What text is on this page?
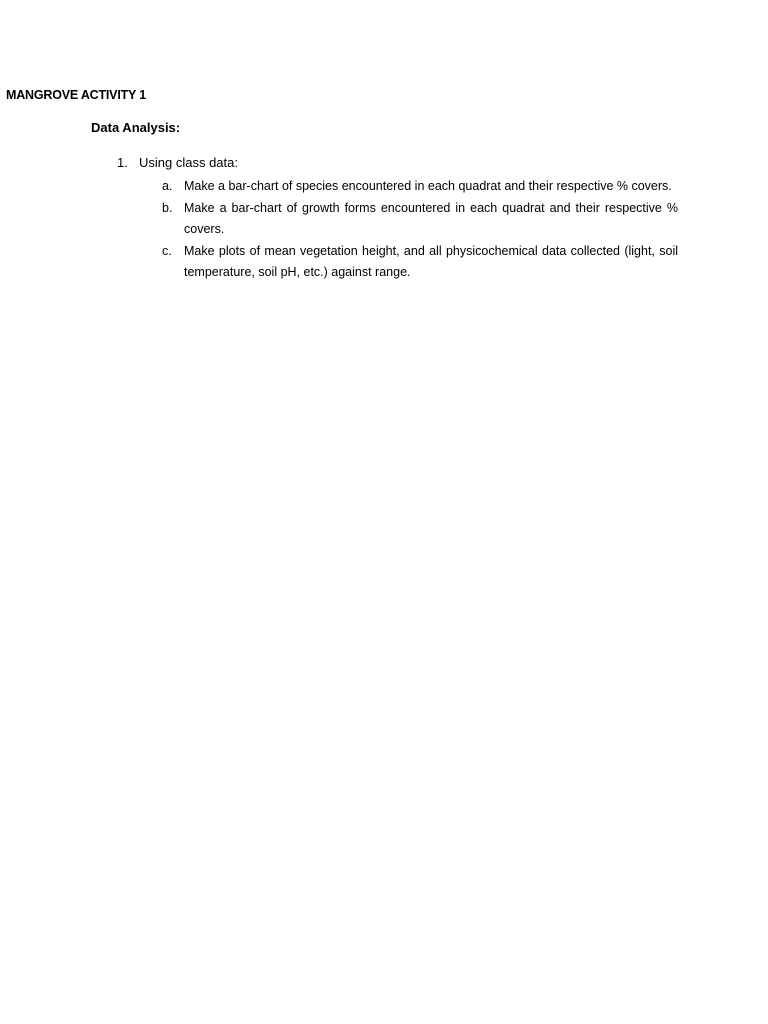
MANGROVE ACTIVITY 1
Data Analysis:
1. Using class data:
a. Make a bar-chart of species encountered in each quadrat and their respective % covers.
b. Make a bar-chart of growth forms encountered in each quadrat and their respective % covers.
c. Make plots of mean vegetation height, and all physicochemical data collected (light, soil temperature, soil pH, etc.) against range.
